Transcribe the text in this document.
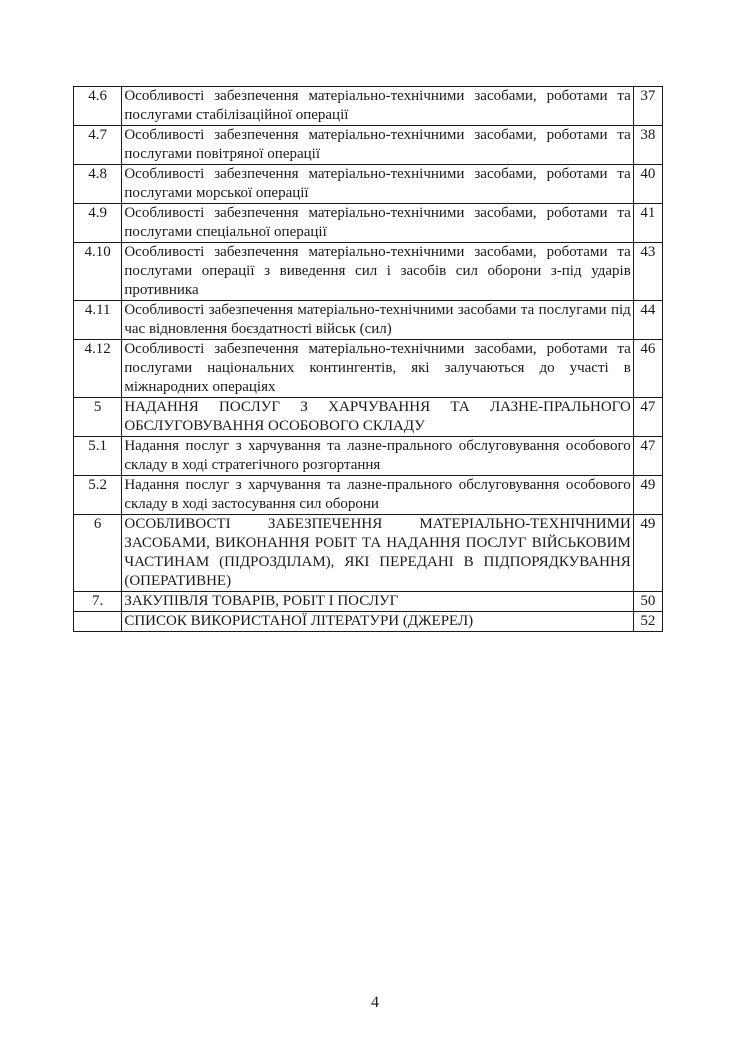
4.6	Особливості забезпечення матеріально-технічними засобами, роботами та послугами стабілізаційної операції	37
4.7	Особливості забезпечення матеріально-технічними засобами, роботами та послугами повітряної операції	38
4.8	Особливості забезпечення матеріально-технічними засобами, роботами та послугами морської операції	40
4.9	Особливості забезпечення матеріально-технічними засобами, роботами та послугами спеціальної операції	41
4.10	Особливості забезпечення матеріально-технічними засобами, роботами та послугами операції з виведення сил і засобів сил оборони з-під ударів противника	43
4.11	Особливості забезпечення матеріально-технічними засобами та послугами під час відновлення боєздатності військ (сил)	44
4.12	Особливості забезпечення матеріально-технічними засобами, роботами та послугами національних контингентів, які залучаються до участі в міжнародних операціях	46
5	НАДАННЯ ПОСЛУГ З ХАРЧУВАННЯ ТА ЛАЗНЕ-ПРАЛЬНОГО ОБСЛУГОВУВАННЯ ОСОБОВОГО СКЛАДУ	47
5.1	Надання послуг з харчування та лазне-прального обслуговування особового складу в ході стратегічного розгортання	47
5.2	Надання послуг з харчування та лазне-прального обслуговування особового складу в ході застосування сил оборони	49
6	ОСОБЛИВОСТІ ЗАБЕЗПЕЧЕННЯ МАТЕРІАЛЬНО-ТЕХНІЧНИМИ ЗАСОБАМИ, ВИКОНАННЯ РОБІТ ТА НАДАННЯ ПОСЛУГ ВІЙСЬКОВИМ ЧАСТИНАМ (ПІДРОЗДІЛАМ), ЯКІ ПЕРЕДАНІ В ПІДПОРЯДКУВАННЯ (ОПЕРАТИВНЕ)	49
7.	ЗАКУПІВЛЯ ТОВАРІВ, РОБІТ І ПОСЛУГ	50
	СПИСОК ВИКОРИСТАНОЇ ЛІТЕРАТУРИ (ДЖЕРЕЛ)	52
4
